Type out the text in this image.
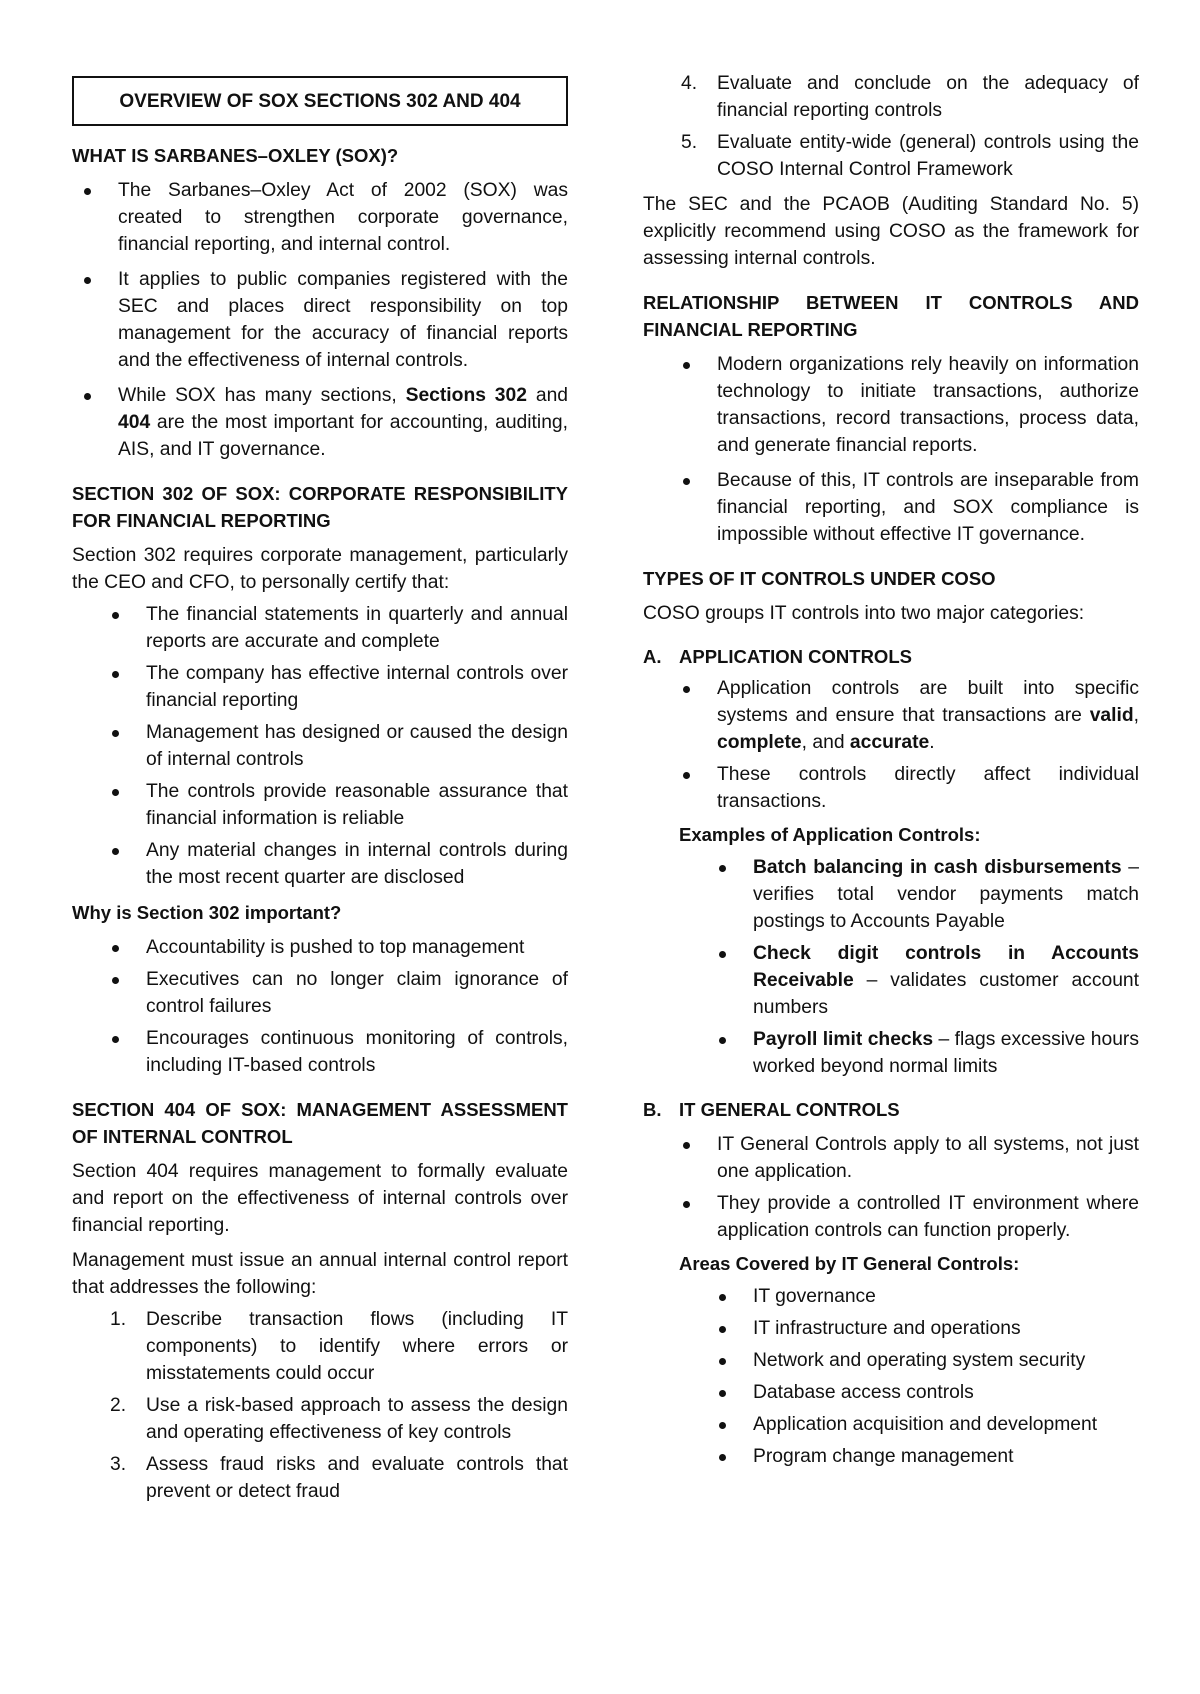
OVERVIEW OF SOX SECTIONS 302 AND 404
WHAT IS SARBANES–OXLEY (SOX)?
The Sarbanes–Oxley Act of 2002 (SOX) was created to strengthen corporate governance, financial reporting, and internal control.
It applies to public companies registered with the SEC and places direct responsibility on top management for the accuracy of financial reports and the effectiveness of internal controls.
While SOX has many sections, Sections 302 and 404 are the most important for accounting, auditing, AIS, and IT governance.
SECTION 302 OF SOX: CORPORATE RESPONSIBILITY FOR FINANCIAL REPORTING

Section 302 requires corporate management, particularly the CEO and CFO, to personally certify that:

The financial statements in quarterly and annual reports are accurate and complete
The company has effective internal controls over financial reporting
Management has designed or caused the design of internal controls
The controls provide reasonable assurance that financial information is reliable
Any material changes in internal controls during the most recent quarter are disclosed
Why is Section 302 important?
Accountability is pushed to top management
Executives can no longer claim ignorance of control failures
Encourages continuous monitoring of controls, including IT-based controls
SECTION 404 OF SOX: MANAGEMENT ASSESSMENT OF INTERNAL CONTROL

Section 404 requires management to formally evaluate and report on the effectiveness of internal controls over financial reporting.

Management must issue an annual internal control report that addresses the following:

1. Describe transaction flows (including IT components) to identify where errors or misstatements could occur
2. Use a risk-based approach to assess the design and operating effectiveness of key controls
3. Assess fraud risks and evaluate controls that prevent or detect fraud
4. Evaluate and conclude on the adequacy of financial reporting controls
5. Evaluate entity-wide (general) controls using the COSO Internal Control Framework

The SEC and the PCAOB (Auditing Standard No. 5) explicitly recommend using COSO as the framework for assessing internal controls.

RELATIONSHIP BETWEEN IT CONTROLS AND FINANCIAL REPORTING
Modern organizations rely heavily on information technology to initiate transactions, authorize transactions, record transactions, process data, and generate financial reports.
Because of this, IT controls are inseparable from financial reporting, and SOX compliance is impossible without effective IT governance.
TYPES OF IT CONTROLS UNDER COSO

COSO groups IT controls into two major categories:

A. APPLICATION CONTROLS
Application controls are built into specific systems and ensure that transactions are valid, complete, and accurate.
These controls directly affect individual transactions.
Examples of Application Controls:
Batch balancing in cash disbursements – verifies total vendor payments match postings to Accounts Payable
Check digit controls in Accounts Receivable – validates customer account numbers
Payroll limit checks – flags excessive hours worked beyond normal limits
B. IT GENERAL CONTROLS
IT General Controls apply to all systems, not just one application.
They provide a controlled IT environment where application controls can function properly.
Areas Covered by IT General Controls:
IT governance
IT infrastructure and operations
Network and operating system security
Database access controls
Application acquisition and development
Program change management
